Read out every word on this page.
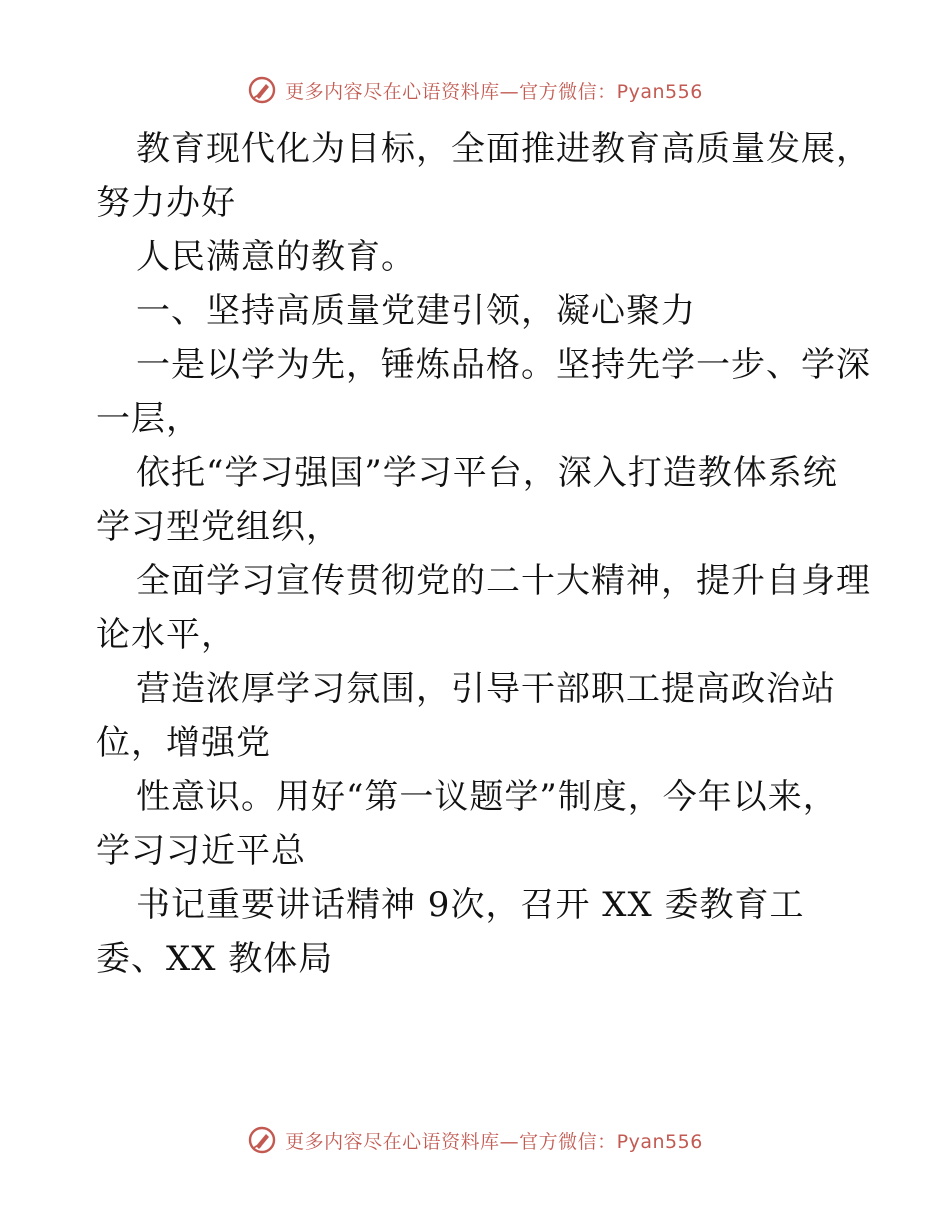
更多内容尽在心语资料库—官方微信：Pyan556
教育现代化为目标，全面推进教育高质量发展，
努力办好
人民满意的教育。
一、坚持高质量党建引领，凝心聚力
一是以学为先，锤炼品格。坚持先学一步、学深
一层，
依托“学习强国”学习平台，深入打造教体系统
学习型党组织，
全面学习宣传贯彻党的二十大精神，提升自身理
论水平，
营造浓厚学习氛围，引导干部职工提高政治站
位，增强党
性意识。用好“第一议题学”制度，今年以来，
学习习近平总
书记重要讲话精神 9次，召开 XX 委教育工
委、XX 教体局
更多内容尽在心语资料库—官方微信：Pyan556
